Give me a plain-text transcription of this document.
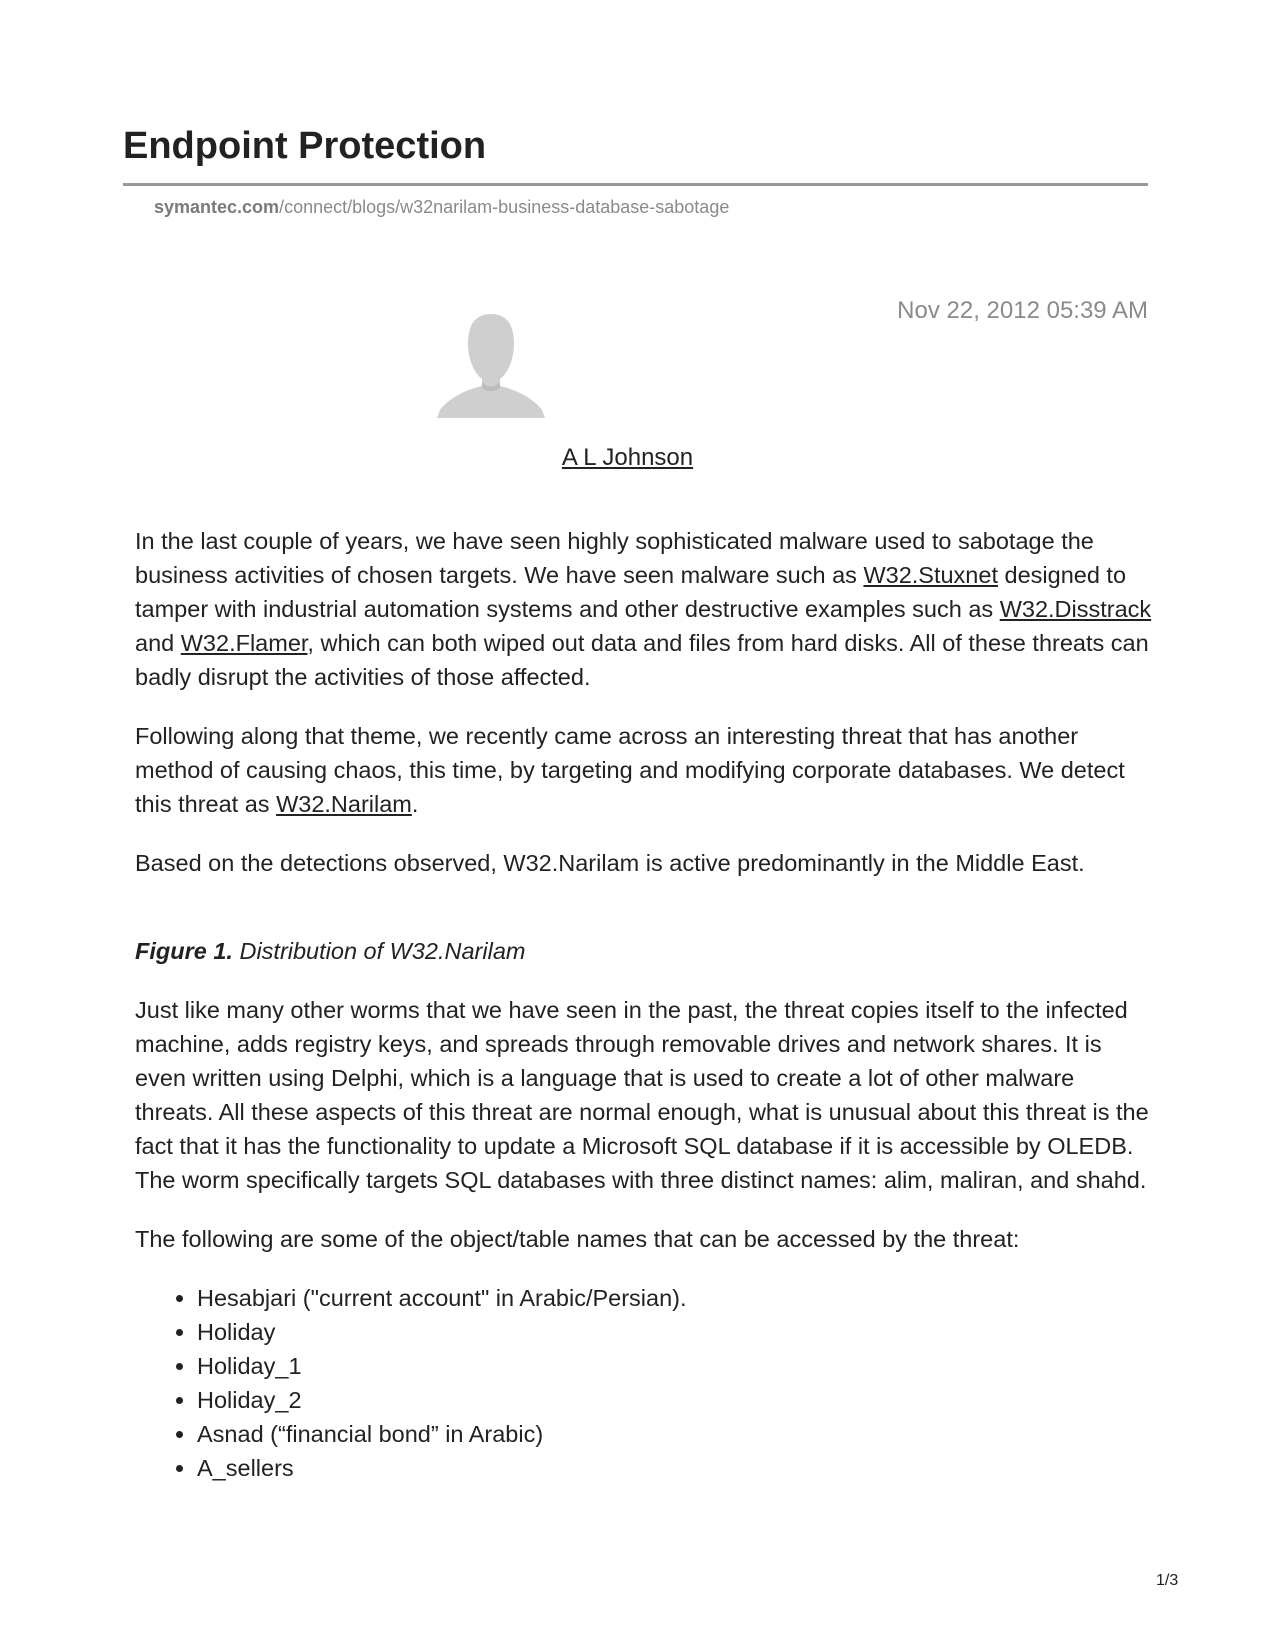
Endpoint Protection
symantec.com/connect/blogs/w32narilam-business-database-sabotage
Nov 22, 2012 05:39 AM
A L Johnson

In the last couple of years, we have seen highly sophisticated malware used to sabotage the business activities of chosen targets. We have seen malware such as W32.Stuxnet designed to tamper with industrial automation systems and other destructive examples such as W32.Disstrack and W32.Flamer, which can both wiped out data and files from hard disks. All of these threats can badly disrupt the activities of those affected.

Following along that theme, we recently came across an interesting threat that has another method of causing chaos, this time, by targeting and modifying corporate databases. We detect this threat as W32.Narilam.

Based on the detections observed, W32.Narilam is active predominantly in the Middle East.

Figure 1. Distribution of W32.Narilam

Just like many other worms that we have seen in the past, the threat copies itself to the infected machine, adds registry keys, and spreads through removable drives and network shares. It is even written using Delphi, which is a language that is used to create a lot of other malware threats. All these aspects of this threat are normal enough, what is unusual about this threat is the fact that it has the functionality to update a Microsoft SQL database if it is accessible by OLEDB. The worm specifically targets SQL databases with three distinct names: alim, maliran, and shahd.

The following are some of the object/table names that can be accessed by the threat:

• Hesabjari ("current account" in Arabic/Persian).
• Holiday
• Holiday_1
• Holiday_2
• Asnad (“financial bond” in Arabic)
• A_sellers
1/3
